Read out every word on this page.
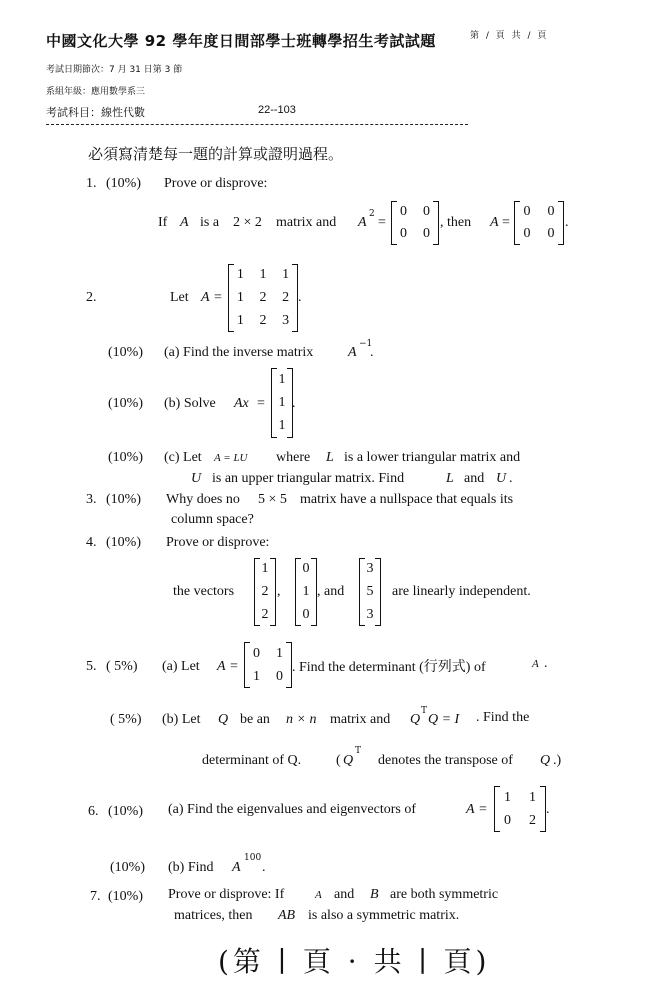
中國文化大學 92 學年度日間部學士班轉學招生考試試題	第 / 頁 共 / 頁
考試日期節次：7 月 31 日第 3 節
系組年級：應用數學系三
考試科目：線性代數	22--103
必須寫清楚每一題的計算或證明過程。
1. (10%) Prove or disprove:
If A is a 2 × 2 matrix and A
2
=
0	0
0	0
, then A =
0	0
0	0
.
2.	Let A =
1	1	1
1	2	2
1	2	3
.
(10%) (a) Find the inverse matrix A
−1
.
(10%) (b) Solve Ax =
1
1
1
.
(10%) (c) Let A = LU where L is a lower triangular matrix and
U is an upper triangular matrix. Find	L and U .
3. (10%) Why does no 5 × 5 matrix have a nullspace that equals its
column space?
4. (10%) Prove or disprove:
the vectors
1
2
2
,
0
1
0
, and
3
5
3
are linearly independent.
5. ( 5%) (a) Let A =
0	1
1	0
. Find the determinant (行列式) of	A .
( 5%) (b) Let Q be an n × n matrix and Q
T
Q = I . Find the
determinant of Q. ( Q
T
denotes the transpose of Q .)
6. (10%) (a) Find the eigenvalues and eigenvectors of	A =
1	1
0	2
.
(10%) (b) Find A
100
.
7. (10%) Prove or disprove: If	A and B are both symmetric
matrices, then AB is also a symmetric matrix.
(第 ∣ 頁 · 共 ∣ 頁)
